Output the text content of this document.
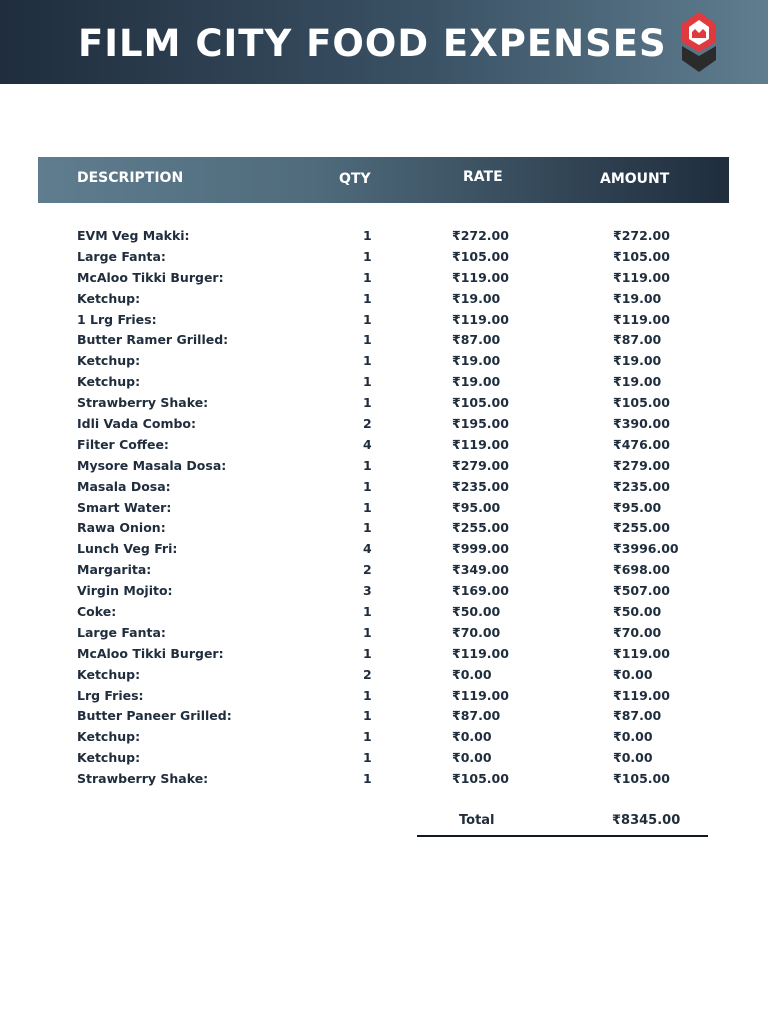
FILM CITY FOOD EXPENSES
DESCRIPTION	QTY	RATE	AMOUNT
EVM Veg Makki:	1	₹272.00	₹272.00
Large Fanta:	1	₹105.00	₹105.00
McAloo Tikki Burger:	1	₹119.00	₹119.00
Ketchup:	1	₹19.00	₹19.00
1 Lrg Fries:	1	₹119.00	₹119.00
Butter Ramer Grilled:	1	₹87.00	₹87.00
Ketchup:	1	₹19.00	₹19.00
Ketchup:	1	₹19.00	₹19.00
Strawberry Shake:	1	₹105.00	₹105.00
Idli Vada Combo:	2	₹195.00	₹390.00
Filter Coffee:	4	₹119.00	₹476.00
Mysore Masala Dosa:	1	₹279.00	₹279.00
Masala Dosa:	1	₹235.00	₹235.00
Smart Water:	1	₹95.00	₹95.00
Rawa Onion:	1	₹255.00	₹255.00
Lunch Veg Fri:	4	₹999.00	₹3996.00
Margarita:	2	₹349.00	₹698.00
Virgin Mojito:	3	₹169.00	₹507.00
Coke:	1	₹50.00	₹50.00
Large Fanta:	1	₹70.00	₹70.00
McAloo Tikki Burger:	1	₹119.00	₹119.00
Ketchup:	2	₹0.00	₹0.00
Lrg Fries:	1	₹119.00	₹119.00
Butter Paneer Grilled:	1	₹87.00	₹87.00
Ketchup:	1	₹0.00	₹0.00
Ketchup:	1	₹0.00	₹0.00
Strawberry Shake:	1	₹105.00	₹105.00
Total	₹8345.00
